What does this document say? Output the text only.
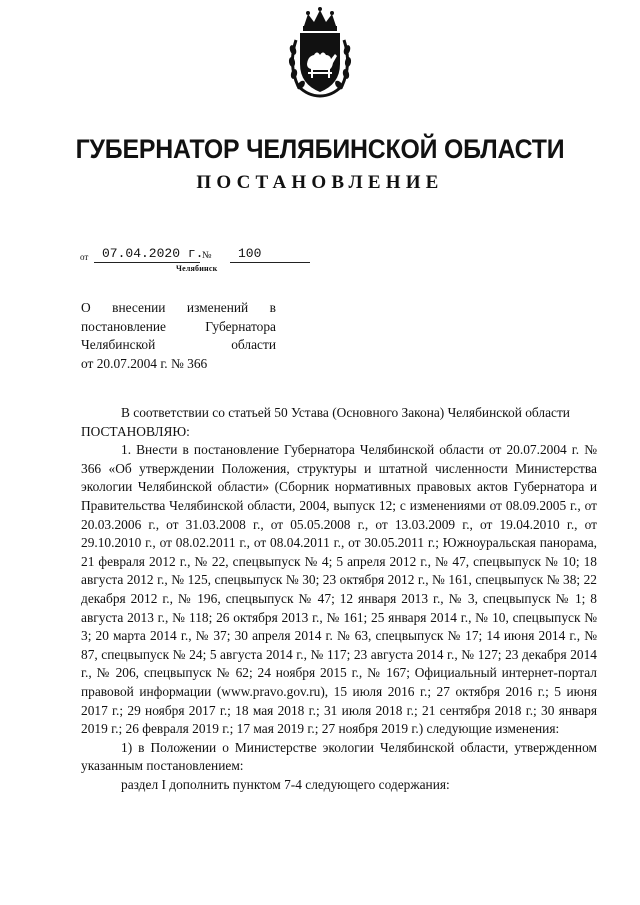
ГУБЕРНАТОР ЧЕЛЯБИНСКОЙ ОБЛАСТИ
ПОСТАНОВЛЕНИЕ
от 07.04.2020 г.
№ 100
Челябинск
О внесении изменений в
постановление Губернатора
Челябинской области
от 20.07.2004 г. № 366

В соответствии со статьей 50 Устава (Основного Закона) Челябинской области

ПОСТАНОВЛЯЮ:

1. Внести в постановление Губернатора Челябинской области от 20.07.2004 г. № 366 «Об утверждении Положения, структуры и штатной численности Министерства экологии Челябинской области» (Сборник нормативных правовых актов Губернатора и Правительства Челябинской области, 2004, выпуск 12; с изменениями от 08.09.2005 г., от 20.03.2006 г., от 31.03.2008 г., от 05.05.2008 г., от 13.03.2009 г., от 19.04.2010 г., от 29.10.2010 г., от 08.02.2011 г., от 08.04.2011 г., от 30.05.2011 г.; Южноуральская панорама, 21 февраля 2012 г., № 22, спецвыпуск № 4; 5 апреля 2012 г., № 47, спецвыпуск № 10; 18 августа 2012 г., № 125, спецвыпуск № 30; 23 октября 2012 г., № 161, спецвыпуск № 38; 22 декабря 2012 г., № 196, спецвыпуск № 47; 12 января 2013 г., № 3, спецвыпуск № 1; 8 августа 2013 г., № 118; 26 октября 2013 г., № 161; 25 января 2014 г., № 10, спецвыпуск № 3; 20 марта 2014 г., № 37; 30 апреля 2014 г. № 63, спецвыпуск № 17; 14 июня 2014 г., № 87, спецвыпуск № 24; 5 августа 2014 г., № 117; 23 августа 2014 г., № 127; 23 декабря 2014 г., № 206, спецвыпуск № 62; 24 ноября 2015 г., № 167; Официальный интернет-портал правовой информации (www.pravo.gov.ru), 15 июля 2016 г.; 27 октября 2016 г.; 5 июня 2017 г.; 29 ноября 2017 г.; 18 мая 2018 г.; 31 июля 2018 г.; 21 сентября 2018 г.; 30 января 2019 г.; 26 февраля 2019 г.; 17 мая 2019 г.; 27 ноября 2019 г.) следующие изменения:

1) в Положении о Министерстве экологии Челябинской области, утвержденном указанным постановлением:

раздел I дополнить пунктом 7-4 следующего содержания:
